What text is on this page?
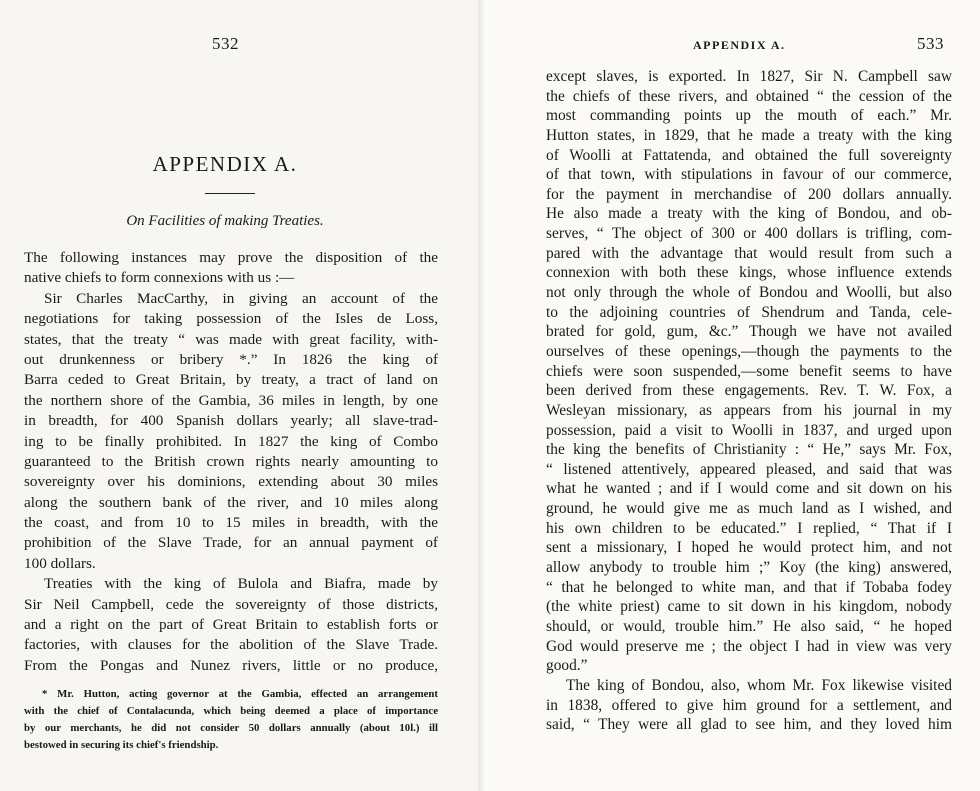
532
APPENDIX A.
On Facilities of making Treaties.
The following instances may prove the disposition of the
native chiefs to form connexions with us :—
Sir Charles MacCarthy, in giving an account of the
negotiations for taking possession of the Isles de Loss,
states, that the treaty “ was made with great facility, with-
out drunkenness or bribery *.” In 1826 the king of
Barra ceded to Great Britain, by treaty, a tract of land on
the northern shore of the Gambia, 36 miles in length, by one
in breadth, for 400 Spanish dollars yearly; all slave-trad-
ing to be finally prohibited. In 1827 the king of Combo
guaranteed to the British crown rights nearly amounting to
sovereignty over his dominions, extending about 30 miles
along the southern bank of the river, and 10 miles along
the coast, and from 10 to 15 miles in breadth, with the
prohibition of the Slave Trade, for an annual payment of
100 dollars.
Treaties with the king of Bulola and Biafra, made by
Sir Neil Campbell, cede the sovereignty of those districts,
and a right on the part of Great Britain to establish forts or
factories, with clauses for the abolition of the Slave Trade.
From the Pongas and Nunez rivers, little or no produce,
* Mr. Hutton, acting governor at the Gambia, effected an arrangement
with the chief of Contalacunda, which being deemed a place of importance
by our merchants, he did not consider 50 dollars annually (about 10l.) ill
bestowed in securing its chief's friendship.
APPENDIX A.	533
except slaves, is exported. In 1827, Sir N. Campbell saw
the chiefs of these rivers, and obtained “ the cession of the
most commanding points up the mouth of each.” Mr.
Hutton states, in 1829, that he made a treaty with the king
of Woolli at Fattatenda, and obtained the full sovereignty
of that town, with stipulations in favour of our commerce,
for the payment in merchandise of 200 dollars annually.
He also made a treaty with the king of Bondou, and ob-
serves, “ The object of 300 or 400 dollars is trifling, com-
pared with the advantage that would result from such a
connexion with both these kings, whose influence extends
not only through the whole of Bondou and Woolli, but also
to the adjoining countries of Shendrum and Tanda, cele-
brated for gold, gum, &c.” Though we have not availed
ourselves of these openings,—though the payments to the
chiefs were soon suspended,—some benefit seems to have
been derived from these engagements. Rev. T. W. Fox, a
Wesleyan missionary, as appears from his journal in my
possession, paid a visit to Woolli in 1837, and urged upon
the king the benefits of Christianity : “ He,” says Mr. Fox,
“ listened attentively, appeared pleased, and said that was
what he wanted ; and if I would come and sit down on his
ground, he would give me as much land as I wished, and
his own children to be educated.” I replied, “ That if I
sent a missionary, I hoped he would protect him, and not
allow anybody to trouble him ;” Koy (the king) answered,
“ that he belonged to white man, and that if Tobaba fodey
(the white priest) came to sit down in his kingdom, nobody
should, or would, trouble him.” He also said, “ he hoped
God would preserve me ; the object I had in view was very
good.”
The king of Bondou, also, whom Mr. Fox likewise visited
in 1838, offered to give him ground for a settlement, and
said, “ They were all glad to see him, and they loved him
